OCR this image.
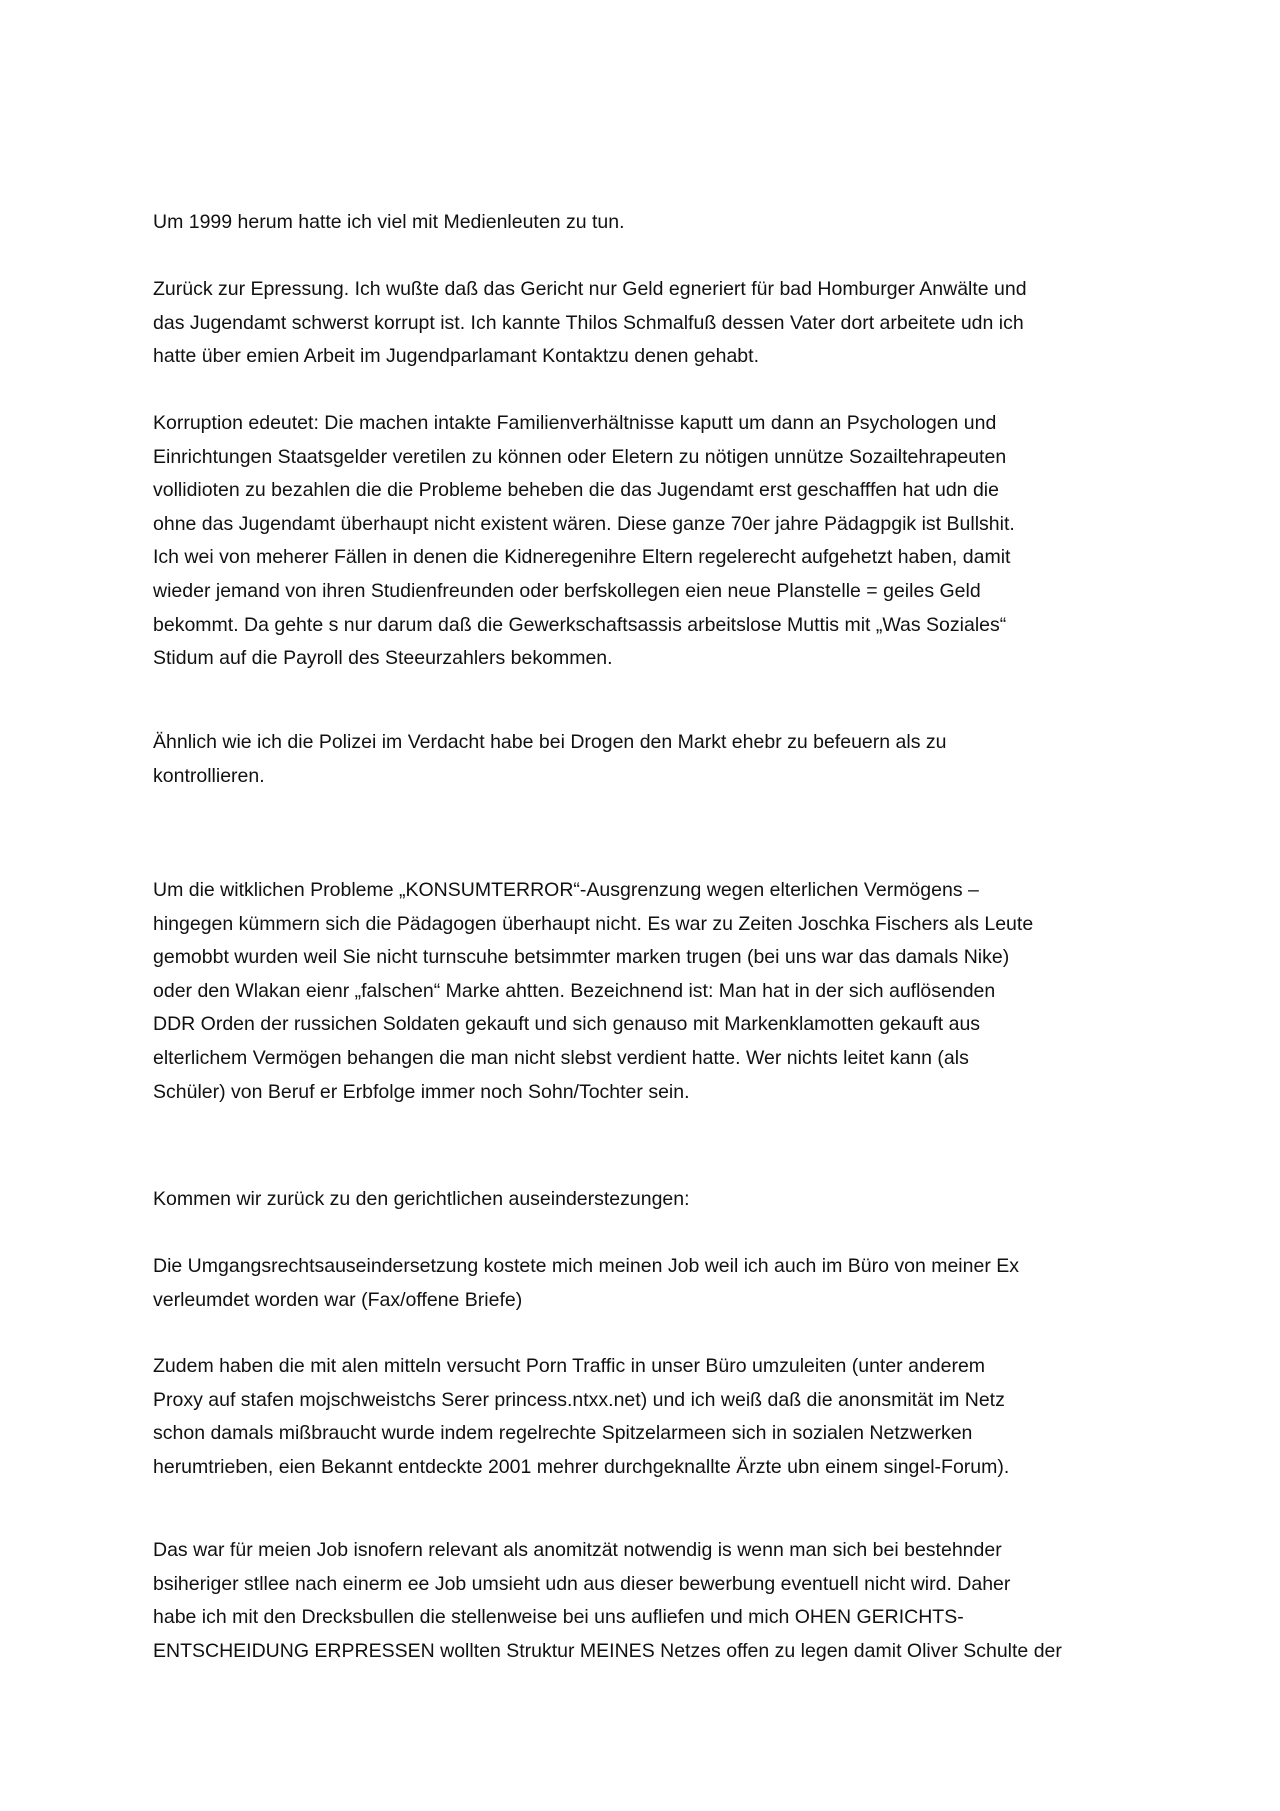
Um 1999 herum hatte ich viel mit Medienleuten zu tun.

Zurück zur Epressung. Ich wußte daß das Gericht nur Geld egneriert für bad Homburger Anwälte und
das Jugendamt schwerst korrupt ist. Ich kannte Thilos Schmalfuß dessen Vater dort arbeitete udn ich
hatte über emien Arbeit im Jugendparlamant Kontaktzu denen gehabt.

Korruption edeutet: Die machen intakte Familienverhältnisse kaputt um dann an Psychologen und
Einrichtungen Staatsgelder veretilen zu können oder Eletern zu nötigen unnütze Sozailtehrapeuten
vollidioten zu bezahlen die die Probleme beheben die das Jugendamt erst geschafffen hat udn die
ohne das Jugendamt überhaupt nicht existent wären. Diese ganze 70er jahre Pädagpgik ist Bullshit.
Ich wei von meherer Fällen in denen die Kidneregenihre Eltern regelerecht aufgehetzt haben, damit
wieder jemand von ihren Studienfreunden oder berfskollegen eien neue Planstelle = geiles Geld
bekommt. Da gehte s nur darum daß die Gewerkschaftsassis arbeitslose Muttis mit „Was Soziales“
Stidum auf die Payroll des Steeurzahlers bekommen.

Ähnlich wie ich die Polizei im Verdacht habe bei Drogen den Markt ehebr zu befeuern als zu
kontrollieren.

Um die witklichen Probleme „KONSUMTERROR“-Ausgrenzung wegen elterlichen Vermögens –
hingegen kümmern sich die Pädagogen überhaupt nicht. Es war zu Zeiten Joschka Fischers als Leute
gemobbt wurden weil Sie nicht turnscuhe betsimmter marken trugen (bei uns war das damals Nike)
oder den Wlakan eienr „falschen“ Marke ahtten. Bezeichnend ist: Man hat in der sich auflösenden
DDR Orden der russichen Soldaten gekauft und sich genauso mit Markenklamotten gekauft aus
elterlichem Vermögen behangen die man nicht slebst verdient hatte. Wer nichts leitet kann (als
Schüler) von Beruf er Erbfolge immer noch Sohn/Tochter sein.

Kommen wir zurück zu den gerichtlichen auseinderstezungen:

Die Umgangsrechtsauseindersetzung kostete mich meinen Job weil ich auch im Büro von meiner Ex
verleumdet worden war (Fax/offene Briefe)

Zudem haben die mit alen mitteln versucht Porn Traffic in unser Büro umzuleiten (unter anderem
Proxy auf stafen mojschweistchs Serer princess.ntxx.net) und ich weiß daß die anonsmität im Netz
schon damals mißbraucht wurde indem regelrechte Spitzelarmeen sich in sozialen Netzwerken
herumtrieben, eien Bekannt entdeckte 2001 mehrer durchgeknallte Ärzte ubn einem singel-Forum).

Das war für meien Job isnofern relevant als anomitzät notwendig is wenn man sich bei bestehnder
bsiheriger stllee nach einerm ee Job umsieht udn aus dieser bewerbung eventuell nicht wird. Daher
habe ich mit den Drecksbullen die stellenweise bei uns aufliefen und mich OHEN GERICHTS-
ENTSCHEIDUNG ERPRESSEN wollten Struktur MEINES Netzes offen zu legen damit Oliver Schulte der
